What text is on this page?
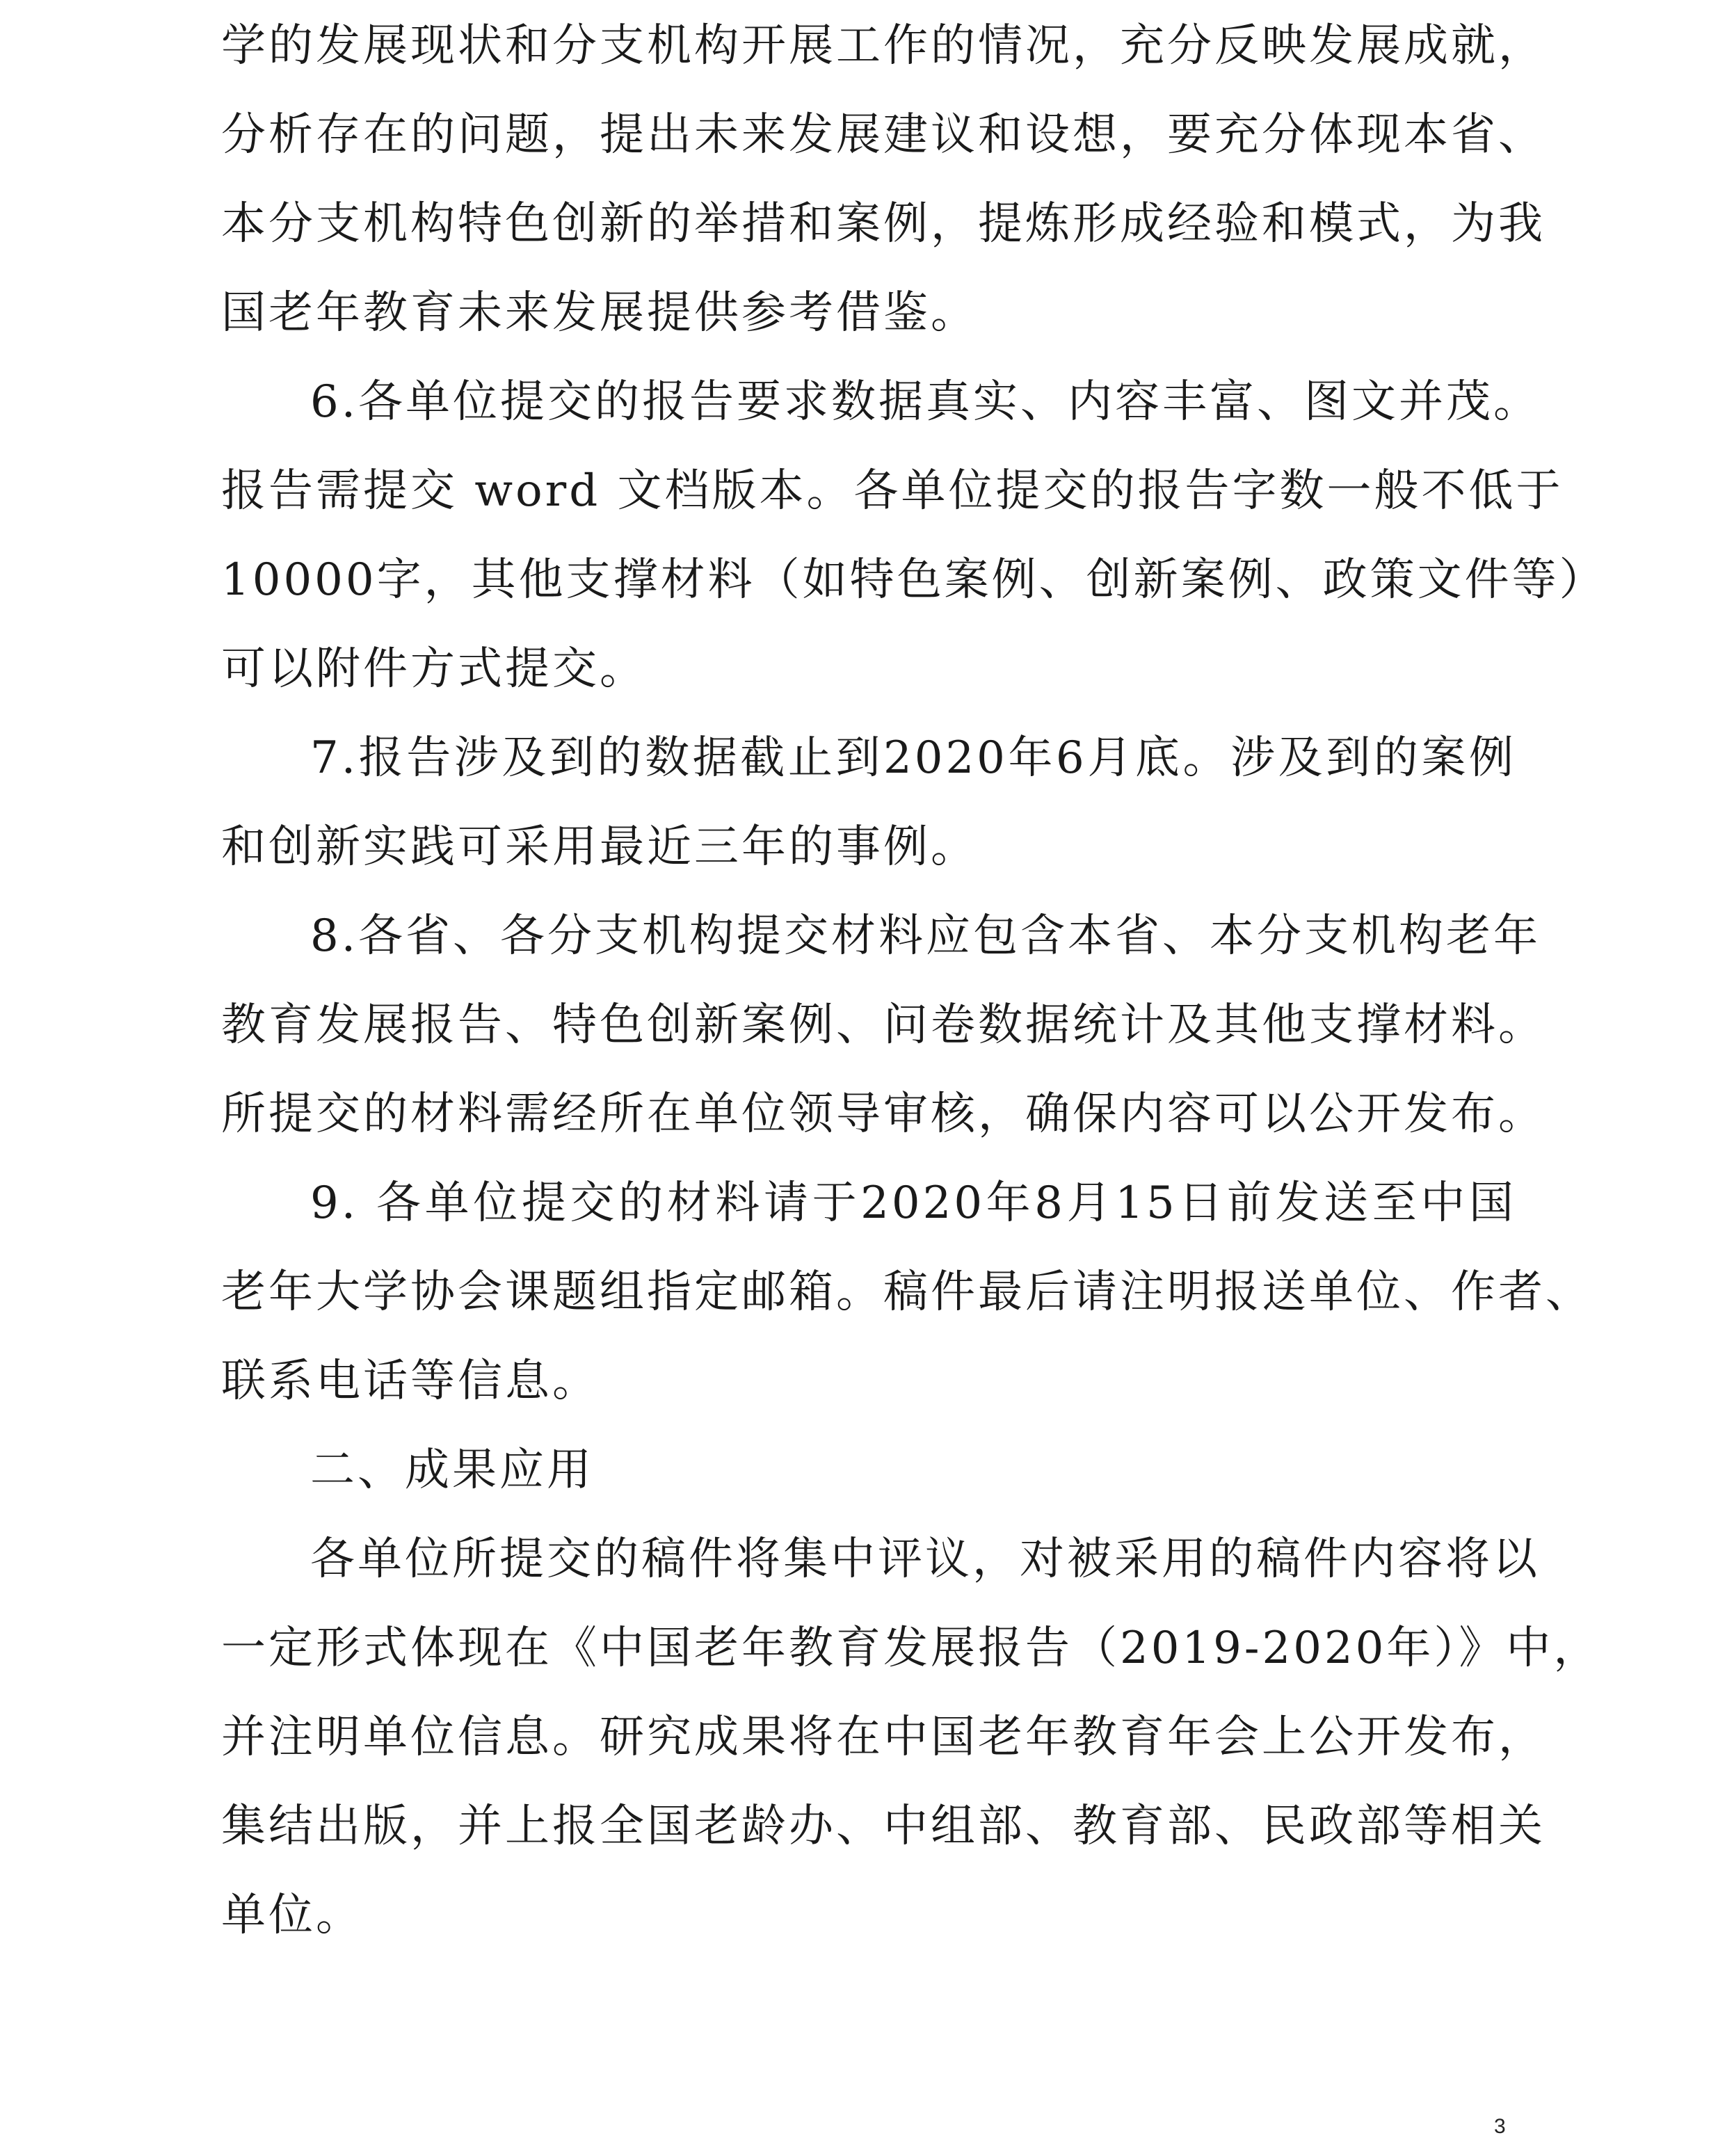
学的发展现状和分支机构开展工作的情况，充分反映发展成就，
分析存在的问题，提出未来发展建议和设想，要充分体现本省、
本分支机构特色创新的举措和案例，提炼形成经验和模式，为我
国老年教育未来发展提供参考借鉴。
6.各单位提交的报告要求数据真实、内容丰富、图文并茂。
报告需提交 word 文档版本。各单位提交的报告字数一般不低于
10000字，其他支撑材料（如特色案例、创新案例、政策文件等）
可以附件方式提交。
7.报告涉及到的数据截止到2020年6月底。涉及到的案例
和创新实践可采用最近三年的事例。
8.各省、各分支机构提交材料应包含本省、本分支机构老年
教育发展报告、特色创新案例、问卷数据统计及其他支撑材料。
所提交的材料需经所在单位领导审核，确保内容可以公开发布。
9. 各单位提交的材料请于2020年8月15日前发送至中国
老年大学协会课题组指定邮箱。稿件最后请注明报送单位、作者、
联系电话等信息。
二、成果应用
各单位所提交的稿件将集中评议，对被采用的稿件内容将以
一定形式体现在《中国老年教育发展报告（2019-2020年）》中，
并注明单位信息。研究成果将在中国老年教育年会上公开发布，
集结出版，并上报全国老龄办、中组部、教育部、民政部等相关
单位。
3
